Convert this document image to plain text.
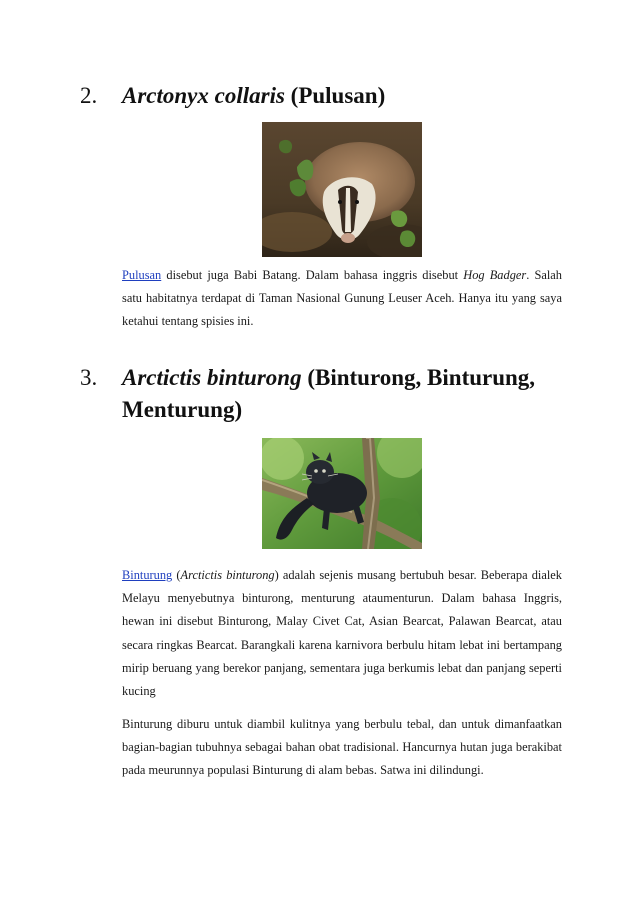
2. Arctonyx collaris (Pulusan)
Pulusan disebut juga Babi Batang. Dalam bahasa inggris disebut Hog Badger. Salah satu habitatnya terdapat di Taman Nasional Gunung Leuser Aceh. Hanya itu yang saya ketahui tentang spisies ini.
3. Arctictis binturong (Binturong, Binturung, Menturung)
Binturung (Arctictis binturong) adalah sejenis musang bertubuh besar. Beberapa dialek Melayu menyebutnya binturong, menturung ataumenturun. Dalam bahasa Inggris, hewan ini disebut Binturong, Malay Civet Cat, Asian Bearcat, Palawan Bearcat, atau secara ringkas Bearcat. Barangkali karena karnivora berbulu hitam lebat ini bertampang mirip beruang yang berekor panjang, sementara juga berkumis lebat dan panjang seperti kucing
Binturung diburu untuk diambil kulitnya yang berbulu tebal, dan untuk dimanfaatkan bagian-bagian tubuhnya sebagai bahan obat tradisional. Hancurnya hutan juga berakibat pada meurunnya populasi Binturung di alam bebas. Satwa ini dilindungi.
